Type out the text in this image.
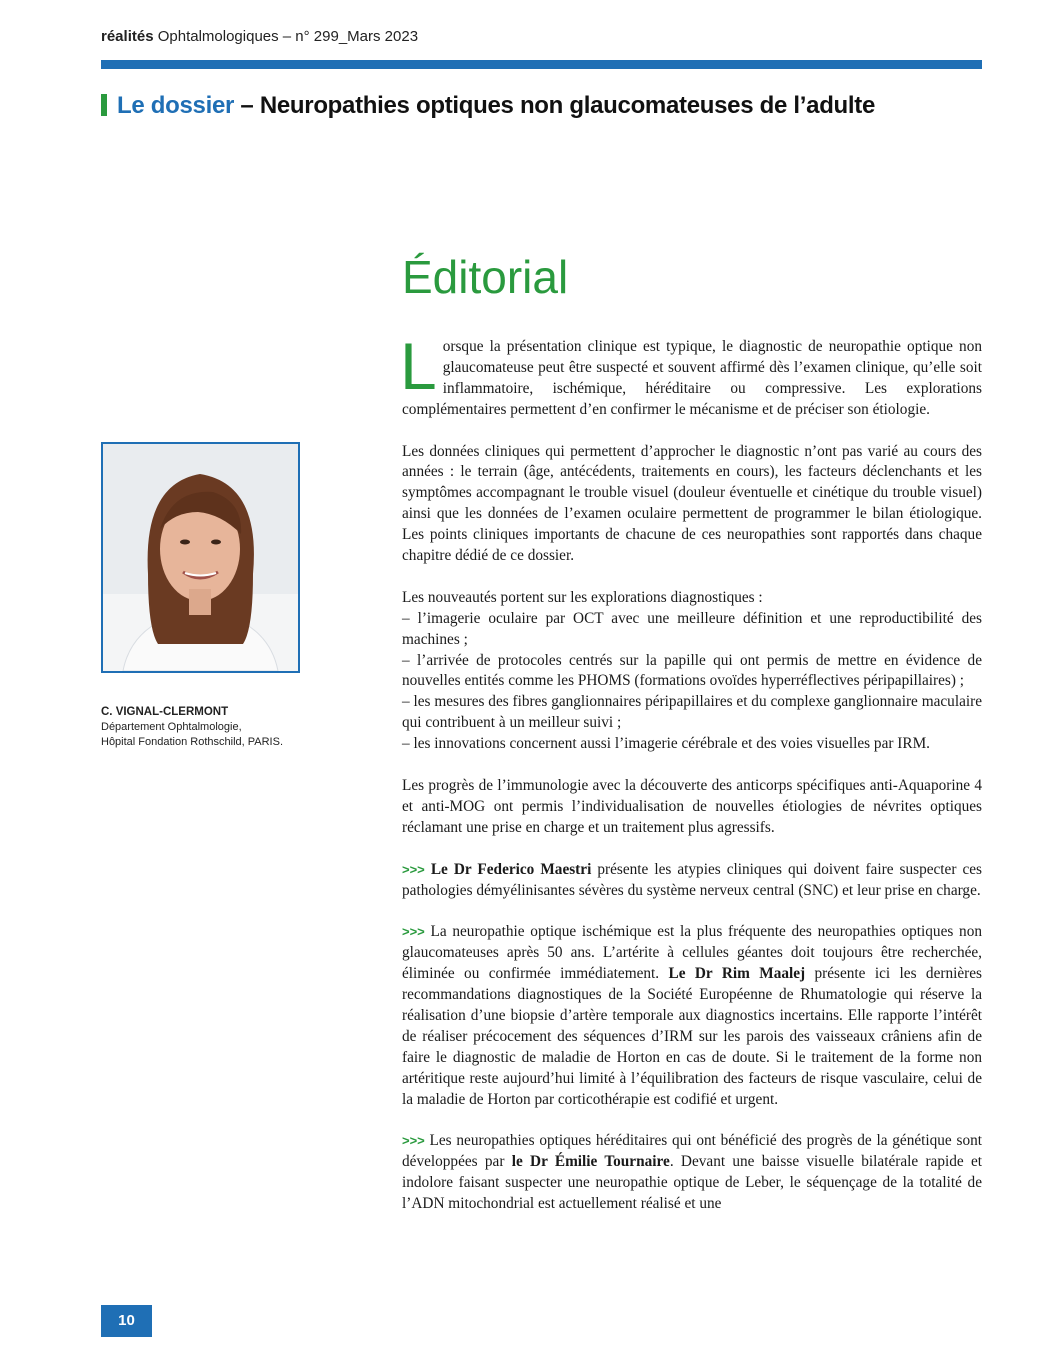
réalités Ophtalmologiques – n° 299_Mars 2023
Le dossier – Neuropathies optiques non glaucomateuses de l’adulte
Éditorial
C. VIGNAL-CLERMONT
Département Ophtalmologie,
Hôpital Fondation Rothschild, PARIS.

Lorsque la présentation clinique est typique, le diagnostic de neuropathie optique non glaucomateuse peut être suspecté et souvent affirmé dès l’examen clinique, qu’elle soit inflammatoire, ischémique, héréditaire ou compressive. Les explorations complémentaires permettent d’en confirmer le mécanisme et de préciser son étiologie.

Les données cliniques qui permettent d’approcher le diagnostic n’ont pas varié au cours des années : le terrain (âge, antécédents, traitements en cours), les facteurs déclenchants et les symptômes accompagnant le trouble visuel (douleur éventuelle et cinétique du trouble visuel) ainsi que les données de l’examen oculaire permettent de programmer le bilan étiologique. Les points cliniques importants de chacune de ces neuropathies sont rapportés dans chaque chapitre dédié de ce dossier.

Les nouveautés portent sur les explorations diagnostiques :
– l’imagerie oculaire par OCT avec une meilleure définition et une reproductibilité des machines ;
– l’arrivée de protocoles centrés sur la papille qui ont permis de mettre en évidence de nouvelles entités comme les PHOMS (formations ovoïdes hyperréflectives péripapillaires) ;
– les mesures des fibres ganglionnaires péripapillaires et du complexe ganglionnaire maculaire qui contribuent à un meilleur suivi ;
– les innovations concernent aussi l’imagerie cérébrale et des voies visuelles par IRM.

Les progrès de l’immunologie avec la découverte des anticorps spécifiques anti-Aquaporine 4 et anti-MOG ont permis l’individualisation de nouvelles étiologies de névrites optiques réclamant une prise en charge et un traitement plus agressifs.

>>> Le Dr Federico Maestri présente les atypies cliniques qui doivent faire suspecter ces pathologies démyélinisantes sévères du système nerveux central (SNC) et leur prise en charge.

>>> La neuropathie optique ischémique est la plus fréquente des neuropathies optiques non glaucomateuses après 50 ans. L’artérite à cellules géantes doit toujours être recherchée, éliminée ou confirmée immédiatement. Le Dr Rim Maalej présente ici les dernières recommandations diagnostiques de la Société Européenne de Rhumatologie qui réserve la réalisation d’une biopsie d’artère temporale aux diagnostics incertains. Elle rapporte l’intérêt de réaliser précocement des séquences d’IRM sur les parois des vaisseaux crâniens afin de faire le diagnostic de maladie de Horton en cas de doute. Si le traitement de la forme non artéritique reste aujourd’hui limité à l’équilibration des facteurs de risque vasculaire, celui de la maladie de Horton par corticothérapie est codifié et urgent.

>>> Les neuropathies optiques héréditaires qui ont bénéficié des progrès de la génétique sont développées par le Dr Émilie Tournaire. Devant une baisse visuelle bilatérale rapide et indolore faisant suspecter une neuropathie optique de Leber, le séquençage de la totalité de l’ADN mitochondrial est actuellement réalisé et une

10
